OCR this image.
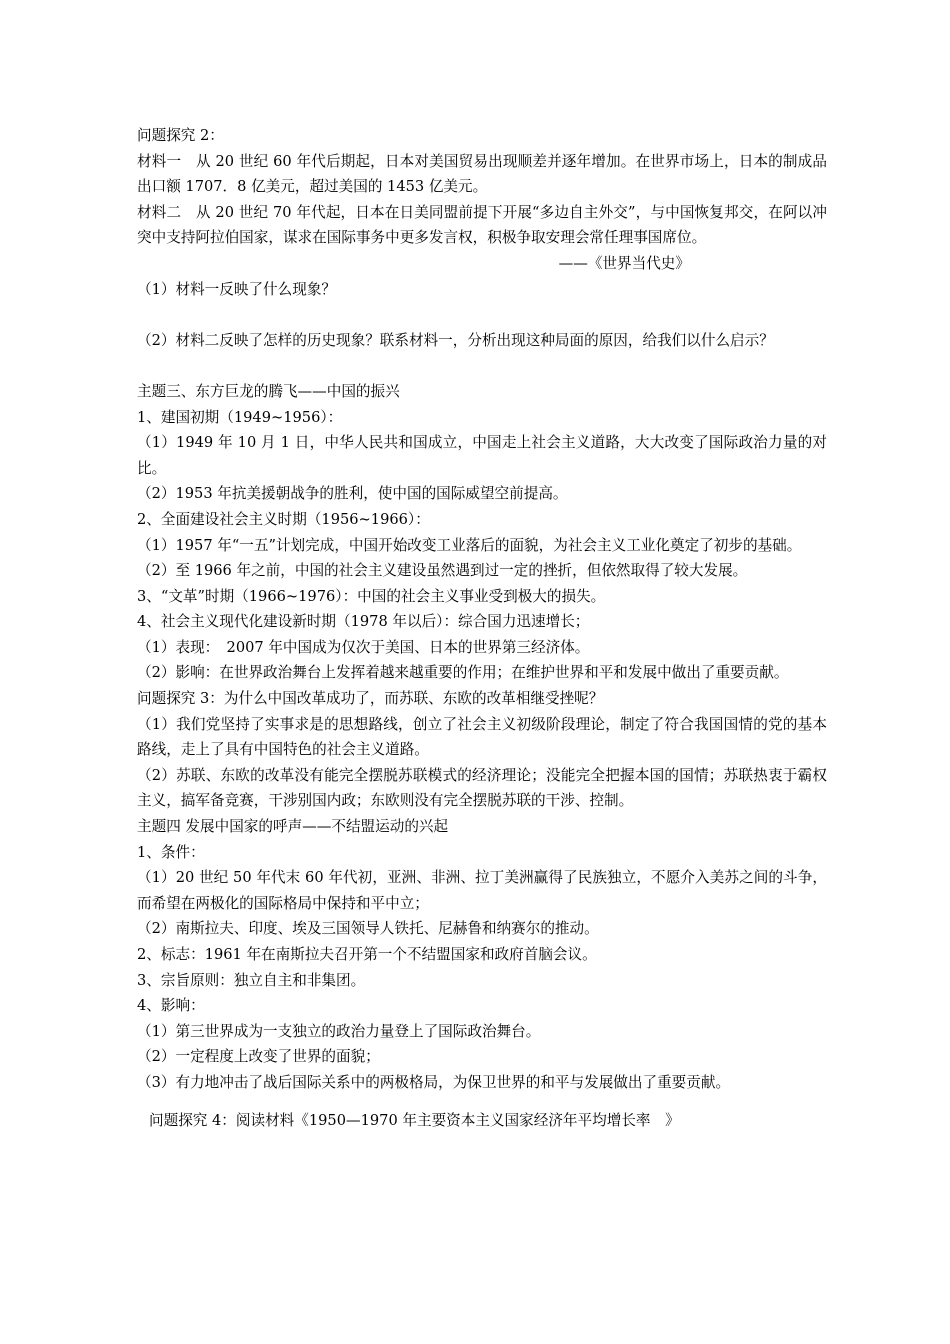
问题探究 2：
材料一　从 20 世纪 60 年代后期起，日本对美国贸易出现顺差并逐年增加。在世界市场上，日本的制成品出口额 1707．8 亿美元，超过美国的 1453 亿美元。
材料二　从 20 世纪 70 年代起，日本在日美同盟前提下开展“多边自主外交”，与中国恢复邦交，在阿以冲突中支持阿拉伯国家，谋求在国际事务中更多发言权，积极争取安理会常任理事国席位。
——《世界当代史》
（1）材料一反映了什么现象？
（2）材料二反映了怎样的历史现象？联系材料一，分析出现这种局面的原因，给我们以什么启示？
主题三、东方巨龙的腾飞——中国的振兴
1、建国初期（1949~1956）：
（1）1949 年 10 月 1 日，中华人民共和国成立，中国走上社会主义道路，大大改变了国际政治力量的对比。
（2）1953 年抗美援朝战争的胜利，使中国的国际威望空前提高。
2、全面建设社会主义时期（1956~1966）：
（1）1957 年“一五”计划完成，中国开始改变工业落后的面貌，为社会主义工业化奠定了初步的基础。
（2）至 1966 年之前，中国的社会主义建设虽然遇到过一定的挫折，但依然取得了较大发展。
3、“文革”时期（1966~1976）：中国的社会主义事业受到极大的损失。
4、社会主义现代化建设新时期（1978 年以后）：综合国力迅速增长；
（1）表现：　2007 年中国成为仅次于美国、日本的世界第三经济体。
（2）影响：在世界政治舞台上发挥着越来越重要的作用；在维护世界和平和发展中做出了重要贡献。
问题探究 3：为什么中国改革成功了，而苏联、东欧的改革相继受挫呢？
（1）我们党坚持了实事求是的思想路线，创立了社会主义初级阶段理论，制定了符合我国国情的党的基本路线，走上了具有中国特色的社会主义道路。
（2）苏联、东欧的改革没有能完全摆脱苏联模式的经济理论；没能完全把握本国的国情；苏联热衷于霸权主义，搞军备竞赛，干涉别国内政；东欧则没有完全摆脱苏联的干涉、控制。
主题四 发展中国家的呼声——不结盟运动的兴起
1、条件：
（1）20 世纪 50 年代末 60 年代初，亚洲、非洲、拉丁美洲赢得了民族独立，不愿介入美苏之间的斗争，而希望在两极化的国际格局中保持和平中立；
（2）南斯拉夫、印度、埃及三国领导人铁托、尼赫鲁和纳赛尔的推动。
2、标志：1961 年在南斯拉夫召开第一个不结盟国家和政府首脑会议。
3、宗旨原则：独立自主和非集团。
4、影响：
（1）第三世界成为一支独立的政治力量登上了国际政治舞台。
（2）一定程度上改变了世界的面貌；
（3）有力地冲击了战后国际关系中的两极格局，为保卫世界的和平与发展做出了重要贡献。
问题探究 4：阅读材料《1950—1970 年主要资本主义国家经济年平均增长率　》
